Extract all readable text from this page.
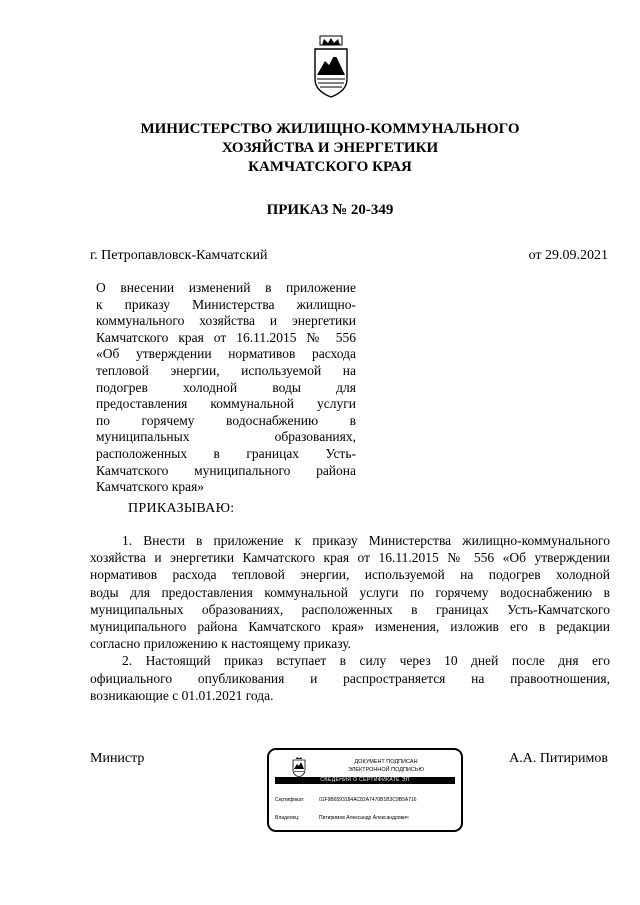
МИНИСТЕРСТВО ЖИЛИЩНО-КОММУНАЛЬНОГО
ХОЗЯЙСТВА И ЭНЕРГЕТИКИ
КАМЧАТСКОГО КРАЯ
ПРИКАЗ № 20-349
г. Петропавловск-Камчатский	от 29.09.2021
О внесении изменений в приложение
к приказу Министерства жилищно-
коммунального хозяйства и энергетики
Камчатского края от 16.11.2015 № 556
«Об утверждении нормативов расхода
тепловой энергии, используемой на
подогрев холодной воды для
предоставления коммунальной услуги
по горячему водоснабжению в
муниципальных образованиях,
расположенных в границах Усть-
Камчатского муниципального района
Камчатского края»
ПРИКАЗЫВАЮ:
1. Внести в приложение к приказу Министерства жилищно-коммунального
хозяйства и энергетики Камчатского края от 16.11.2015 № 556 «Об утверждении
нормативов расхода тепловой энергии, используемой на подогрев холодной
воды для предоставления коммунальной услуги по горячему водоснабжению в
муниципальных образованиях, расположенных в границах Усть-Камчатского
муниципального района Камчатского края» изменения, изложив его в редакции
согласно приложению к настоящему приказу.
2. Настоящий приказ вступает в силу через 10 дней после дня его
официального опубликования и распространяется на правоотношения,
возникающие с 01.01.2021 года.
Министр	А.А. Питиримов
ДОКУМЕНТ ПОДПИСАН
ЭЛЕКТРОННОЙ ПОДПИСЬЮ
СВЕДЕНИЯ О СЕРТИФИКАТЕ ЭП
Сертификат:	01F9B6593184AC82A7470B1B3C9B5A716
Владелец:	Питиримов Александр Александрович
